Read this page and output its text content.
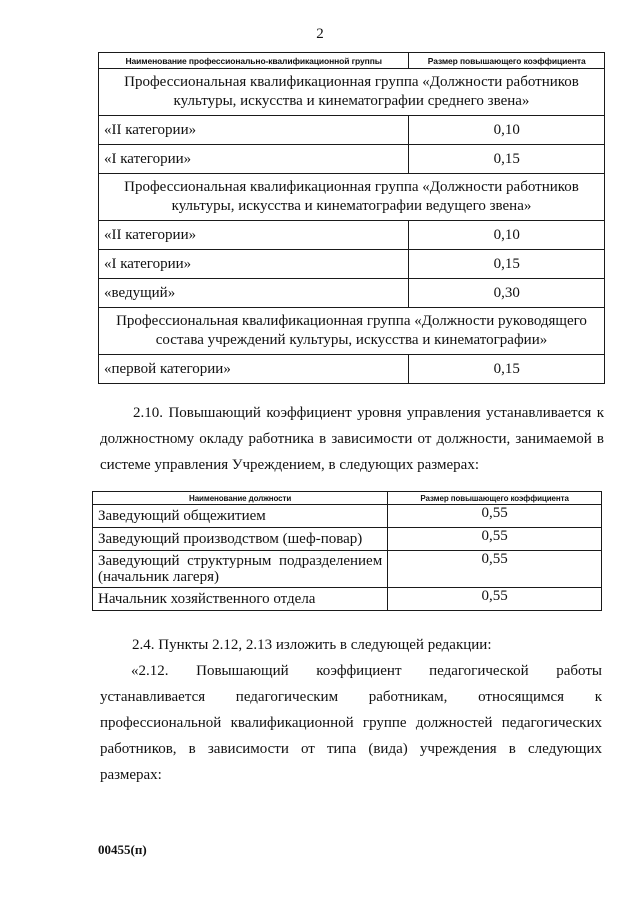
2
Наименование профессионально-квалификационной группы	Размер повышающего коэффициента
Профессиональная квалификационная группа «Должности работников культуры, искусства и кинематографии среднего звена»	
«II категории»	0,10
«I категории»	0,15
Профессиональная квалификационная группа «Должности работников культуры, искусства и кинематографии ведущего звена»	
«II категории»	0,10
«I категории»	0,15
«ведущий»	0,30
Профессиональная квалификационная группа «Должности руководящего состава учреждений культуры, искусства и кинематографии»	
«первой категории»	0,15

2.10. Повышающий коэффициент уровня управления устанавливается к должностному окладу работника в зависимости от должности, занимаемой в системе управления Учреждением, в следующих размерах:

Наименование должности	Размер повышающего коэффициента
Заведующий общежитием	0,55
Заведующий производством (шеф-повар)	0,55
Заведующий структурным подразделением (начальник лагеря)	0,55
Начальник хозяйственного отдела	0,55

2.4. Пункты 2.12, 2.13 изложить в следующей редакции:

«2.12. Повышающий коэффициент педагогической работы устанавливается педагогическим работникам, относящимся к профессиональной квалификационной группе должностей педагогических работников, в зависимости от типа (вида) учреждения в следующих размерах:

00455(п)
